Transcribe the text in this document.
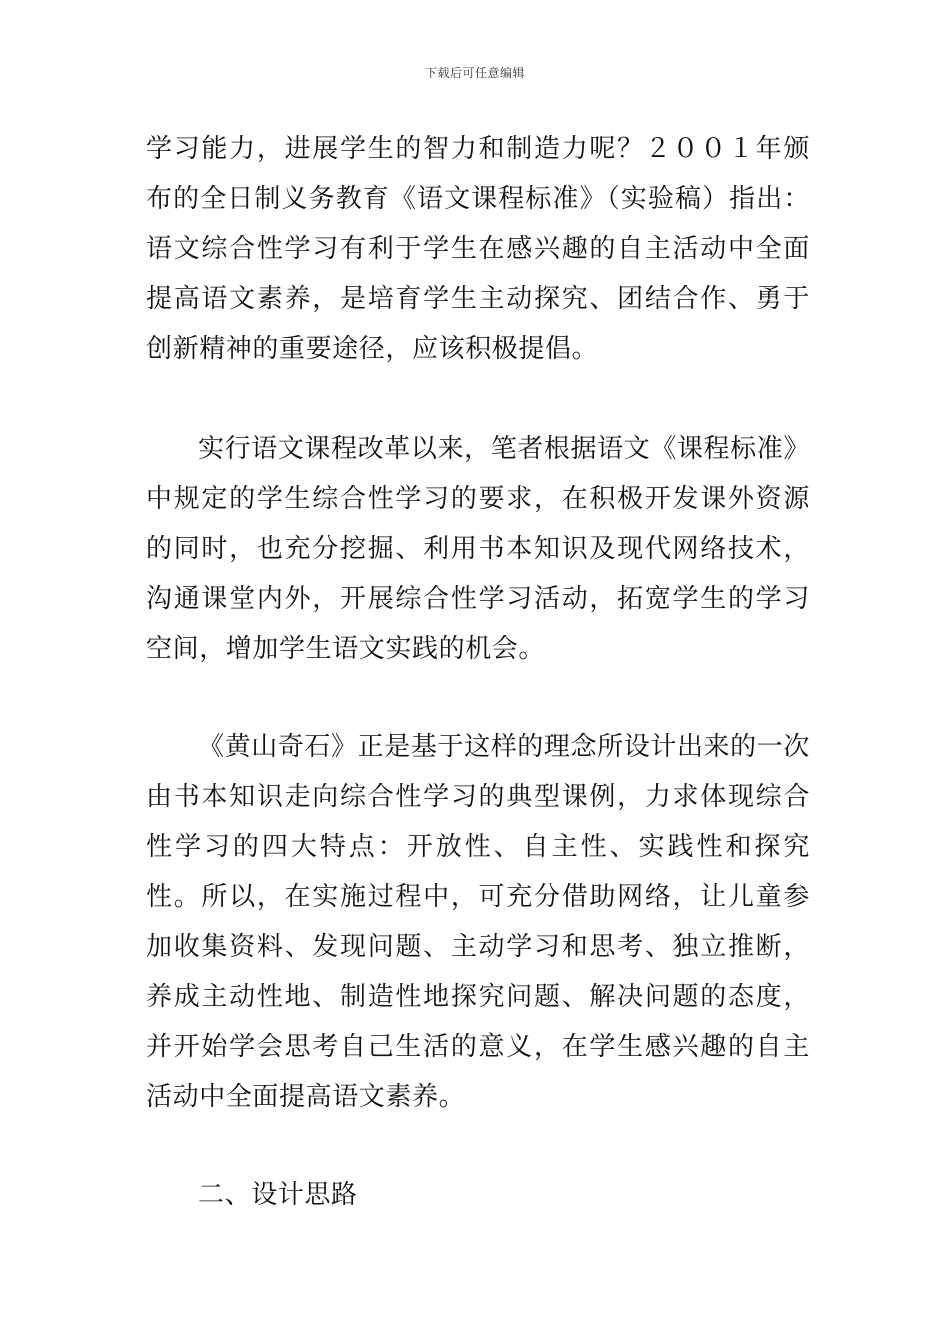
下载后可任意编辑

学习能力，进展学生的智力和制造力呢？２００１年颁布的全日制义务教育《语文课程标准》（实验稿）指出：语文综合性学习有利于学生在感兴趣的自主活动中全面提高语文素养，是培育学生主动探究、团结合作、勇于创新精神的重要途径，应该积极提倡。

实行语文课程改革以来，笔者根据语文《课程标准》中规定的学生综合性学习的要求，在积极开发课外资源的同时，也充分挖掘、利用书本知识及现代网络技术，沟通课堂内外，开展综合性学习活动，拓宽学生的学习空间，增加学生语文实践的机会。

《黄山奇石》正是基于这样的理念所设计出来的一次由书本知识走向综合性学习的典型课例，力求体现综合性学习的四大特点：开放性、自主性、实践性和探究性。所以，在实施过程中，可充分借助网络，让儿童参加收集资料、发现问题、主动学习和思考、独立推断，养成主动性地、制造性地探究问题、解决问题的态度，并开始学会思考自己生活的意义，在学生感兴趣的自主活动中全面提高语文素养。

二、设计思路
